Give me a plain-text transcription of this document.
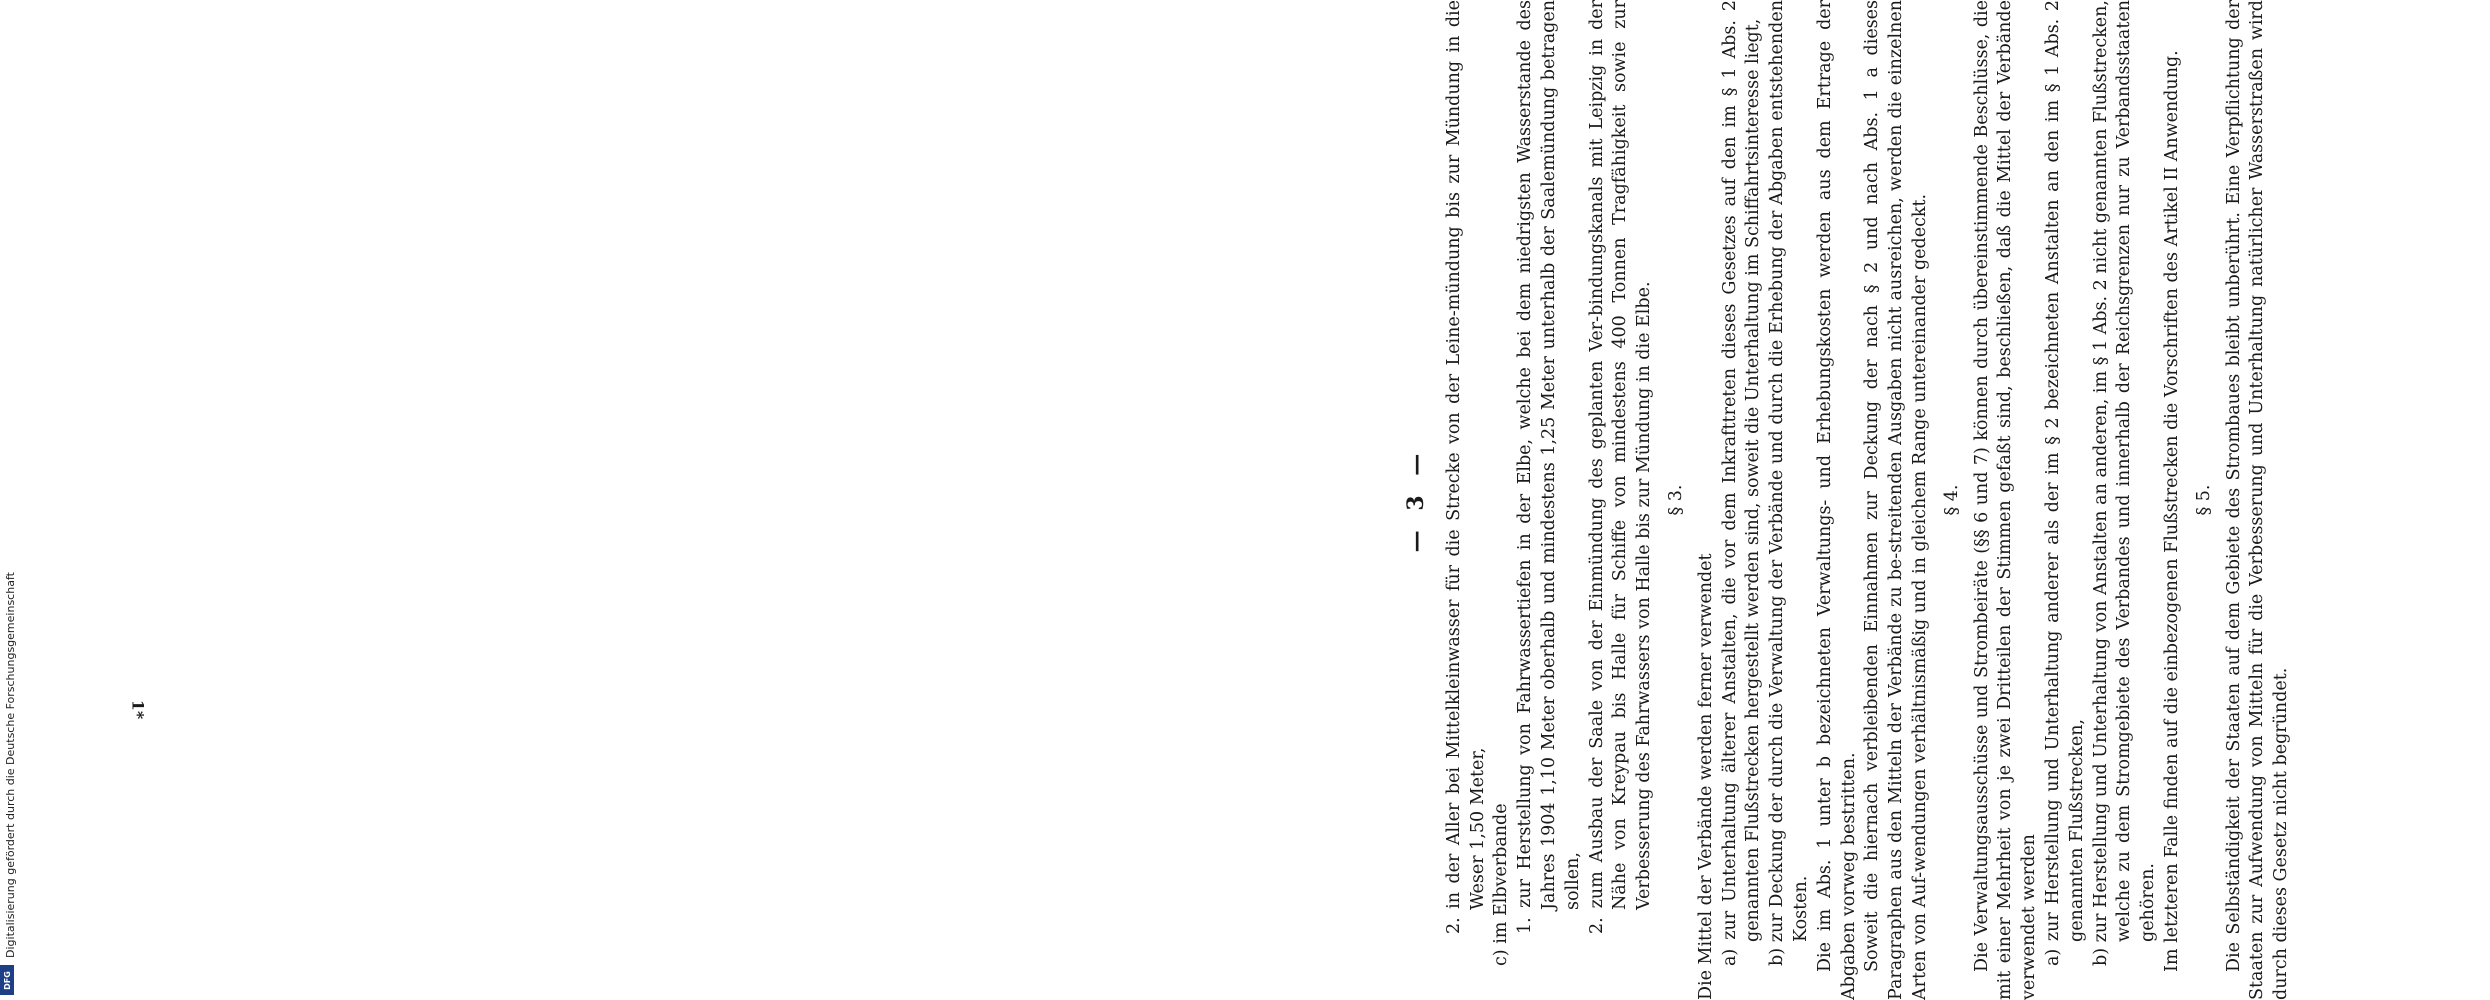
— 3 — 2. in der Aller bei Mittelkleinwasser für die Strecke von der Leine-mündung bis zur Mündung in die Weser 1,50 Meter, c) im Elbverbande 1. zur Herstellung von Fahrwassertiefen in der Elbe, welche bei dem niedrigsten Wasserstande des Jahres 1904 1,10 Meter oberhalb und mindestens 1,25 Meter unterhalb der Saalemündung betragen sollen, 2. zum Ausbau der Saale von der Einmündung des geplanten Ver-bindungskanals mit Leipzig in der Nähe von Kreypau bis Halle für Schiffe von mindestens 400 Tonnen Tragfähigkeit sowie zur Verbesserung des Fahrwassers von Halle bis zur Mündung in die Elbe. § 3.

Die Mittel der Verbände werden ferner verwendet a) zur Unterhaltung älterer Anstalten, die vor dem Inkrafttreten dieses Gesetzes auf den im § 1 Abs. 2 genannten Flußstrecken hergestellt werden sind, soweit die Unterhaltung im Schiffahrtsinteresse liegt, b) zur Deckung der durch die Verwaltung der Verbände und durch die Erhebung der Abgaben entstehenden Kosten. Die im Abs. 1 unter b bezeichneten Verwaltungs- und Erhebungskosten werden aus dem Ertrage der Abgaben vorweg bestritten. Soweit die hiernach verbleibenden Einnahmen zur Deckung der nach § 2 und nach Abs. 1 a dieses Paragraphen aus den Mitteln der Verbände zu be-streitenden Ausgaben nicht ausreichen, werden die einzelnen Arten von Auf-wendungen verhältnismäßig und in gleichem Range untereinander gedeckt. § 4. Die Verwaltungsausschüsse und Strombeiräte (§§ 6 und 7) können durch übereinstimmende Beschlüsse, die mit einer Mehrheit von je zwei Dritteilen der Stimmen gefaßt sind, beschließen, daß die Mittel der Verbände verwendet werden a) zur Herstellung und Unterhaltung anderer als der im § 2 bezeichneten Anstalten an den im § 1 Abs. 2 genannten Flußstrecken, b) zur Herstellung und Unterhaltung von Anstalten an anderen, im § 1 Abs. 2 nicht genannten Flußstrecken, welche zu dem Stromgebiete des Verbandes und innerhalb der Reichsgrenzen nur zu Verbandsstaaten gehören. Im letzteren Falle finden auf die einbezogenen Flußstrecken die Vorschriften des Artikel II Anwendung. § 5. Die Selbständigkeit der Staaten auf dem Gebiete des Strombaues bleibt unberührt. Eine Verpflichtung der Staaten zur Aufwendung von Mitteln für die Verbesserung und Unterhaltung natürlicher Wasserstraßen wird durch dieses Gesetz nicht begründet.

1*
Digitalisierung gefördert durch die Deutsche Forschungsgemeinschaft
DFG
